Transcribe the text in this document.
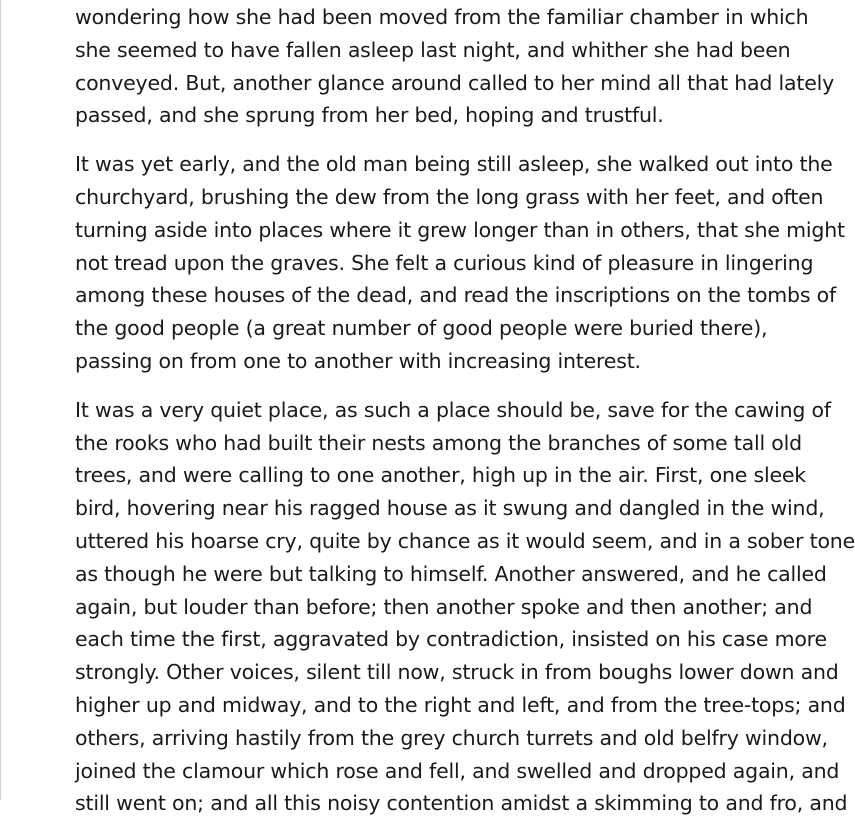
wondering how she had been moved from the familiar chamber in which
she seemed to have fallen asleep last night, and whither she had been
conveyed. But, another glance around called to her mind all that had lately
passed, and she sprung from her bed, hoping and trustful.

It was yet early, and the old man being still asleep, she walked out into the
churchyard, brushing the dew from the long grass with her feet, and often
turning aside into places where it grew longer than in others, that she might
not tread upon the graves. She felt a curious kind of pleasure in lingering
among these houses of the dead, and read the inscriptions on the tombs of
the good people (a great number of good people were buried there),
passing on from one to another with increasing interest.

It was a very quiet place, as such a place should be, save for the cawing of
the rooks who had built their nests among the branches of some tall old
trees, and were calling to one another, high up in the air. First, one sleek
bird, hovering near his ragged house as it swung and dangled in the wind,
uttered his hoarse cry, quite by chance as it would seem, and in a sober tone
as though he were but talking to himself. Another answered, and he called
again, but louder than before; then another spoke and then another; and
each time the first, aggravated by contradiction, insisted on his case more
strongly. Other voices, silent till now, struck in from boughs lower down and
higher up and midway, and to the right and left, and from the tree-tops; and
others, arriving hastily from the grey church turrets and old belfry window,
joined the clamour which rose and fell, and swelled and dropped again, and
still went on; and all this noisy contention amidst a skimming to and fro, and
